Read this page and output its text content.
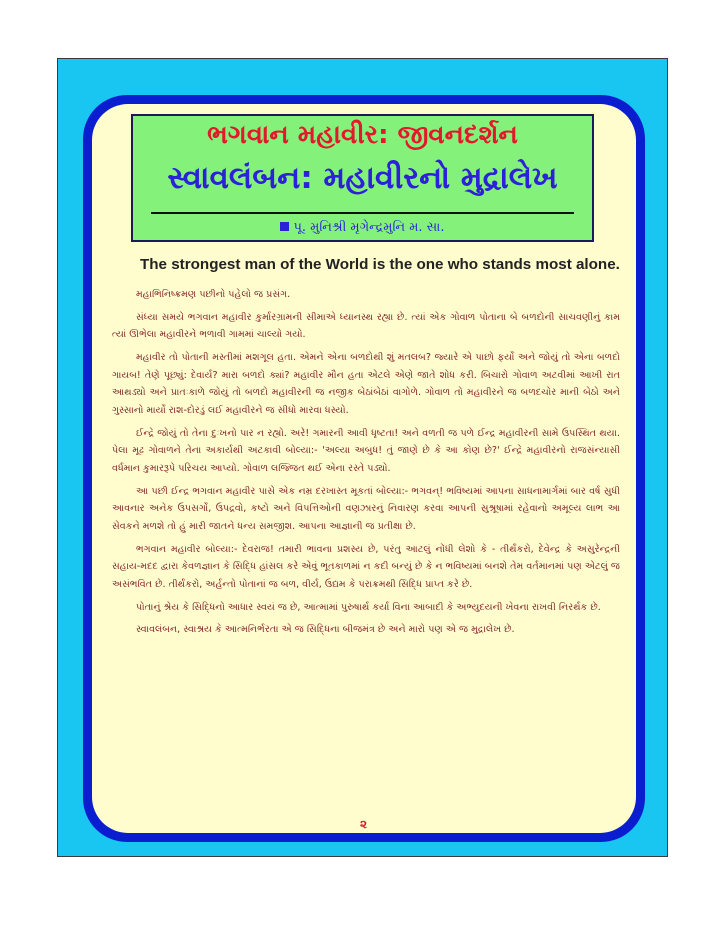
ભગવાન મહાવીર: જીવનદર્શન
સ્વાવલંબન: મહાવીરનો મુદ્રાલેખ
પૂ. મુનિશ્રી મૃગેન્દ્રમુનિ મ. સા.
The strongest man of the World is the one who stands most alone.

મહાભિનિષ્ક્રમણ પછીનો પહેલો જ પ્રસંગ.

સંધ્યા સમયે ભગવાન મહાવીર કુર્મારગ્રામની સીમાએ ધ્યાનસ્થ રહ્યા છે. ત્યાં એક ગોવાળ પોતાના બે બળદોની સાચવણીનું કામ ત્યાં ઊભેલા મહાવીરને ભળાવી ગામમાં ચાલ્યો ગયો.

મહાવીર તો પોતાની મસ્તીમાં મશગૂલ હતા. એમને એના બળદોથી શું મતલબ? જ્યારે એ પાછો ફર્યો અને જોયું તો એના બળદો ગાયબ! તેણે પૂછ્યું: દેવાર્ય? મારા બળદો ક્યાં? મહાવીર મૌન હતા એટલે એણે જાતે શોધ કરી. બિચારો ગોવાળ અટવીમાં આખી રાત આથડ્યો અને પ્રાતઃકાળે જોયું તો બળદો મહાવીરની જ નજીક બેઠાંબેઠાં વાગોળે. ગોવાળ તો મહાવીરને જ બળદચોર માની બેઠો અને ગુસ્સાનો માર્યો રાશ-દોરડું લઈ મહાવીરને જ સીધો મારવા ધસ્યો.

ઈન્દ્રે જોયું તો તેના દુઃખનો પાર ન રહ્યો. અરે! ગમારની આવી ધૃષ્ટતા! અને વળતી જ પળે ઈન્દ્ર મહાવીરની સામે ઉપસ્થિત થયા. પેલા મૂઢ ગોવાળને તેના અકાર્યથી અટકાવી બોલ્યા:- 'અલ્યા અબુધ! તું જાણે છે કે આ કોણ છે?' ઈન્દ્રે મહાવીરનો રાજસંન્યાસી વર્ધમાન કુમારરૂપે પરિચય આપ્યો. ગોવાળ લજ્જિત થઈ એના રસ્તે પડ્યો.

આ પછી ઈન્દ્ર ભગવાન મહાવીર પાસે એક નમ્ર દરખાસ્ત મૂકતાં બોલ્યા:- ભગવન્! ભવિષ્યમાં આપના સાધનામાર્ગમાં બાર વર્ષ સુધી આવનાર અનેક ઉપસર્ગો, ઉપદ્રવો, કષ્ટો અને વિપત્તિઓની વણઝારનું નિવારણ કરવા આપની સુશ્રૂષામાં રહેવાનો અમૂલ્ય લાભ આ સેવકને મળશે તો હું મારી જાતને ધન્ય સમજીશ. આપના આજ્ઞાની જ પ્રતીક્ષા છે.

ભગવાન મહાવીર બોલ્યા:- દેવરાજ! તમારી ભાવના પ્રશસ્ય છે, પરંતુ આટલું નોંધી લેશો કે - તીર્થંકરો, દેવેન્દ્ર કે અસુરેન્દ્રની સહાય-મદદ દ્વારા કેવળજ્ઞાન કે સિદ્ધિ હાંસલ કરે એવું ભૂતકાળમાં ન કદી બન્યું છે કે ન ભવિષ્યમાં બનશે તેમ વર્તમાનમાં પણ એટલું જ અસંભવિત છે. તીર્થંકરો, અર્હન્તો પોતાનાં જ બળ, વીર્ય, ઉદ્યમ કે પરાક્રમથી સિદ્ધિ પ્રાપ્ત કરે છે.

પોતાનું શ્રેય કે સિદ્ધિનો આધાર સ્વયં જ છે, આત્મામાં પુરુષાર્થ કર્યા વિના આબાદી કે અભ્યુદયની ખેવના રાખવી નિરર્થક છે.

સ્વાવલંબન, સ્વાશ્રય કે આત્મનિર્ભરતા એ જ સિદ્ધિના બીજમંત્ર છે અને મારો પણ એ જ મુદ્રાલેખ છે.

૨
